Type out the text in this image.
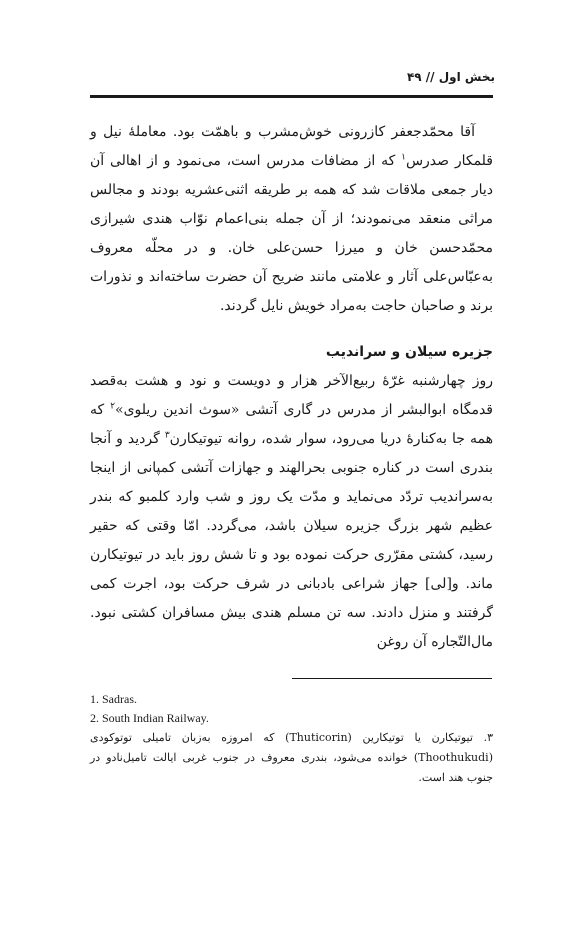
بخش اول // ۴۹

آقا محمّدجعفر کازرونی خوش‌مشرب و باهمّت بود. معاملهٔ نیل و قلمکار صدرس$^۱$ که از مضافات مدرس است، می‌نمود و از اهالی آن دیار جمعی ملاقات شد که همه بر طریقه اثنی‌عشریه بودند و مجالس مراثی منعقد می‌نمودند؛ از آن جمله بنی‌اعمام نوّاب هندی شیرازی محمّدحسن خان و میرزا حسن‌علی خان. و در محلّه معروف به‌عبّاس‌علی آثار و علامتی مانند ضریح آن حضرت ساخته‌اند و نذورات برند و صاحبان حاجت به‌مراد خویش نایل گردند.

جزیره سیلان و سرانديب

روز چهارشنبه غرّهٔ ربیع‌الآخر هزار و دویست و نود و هشت به‌قصد قدمگاه ابوالبشر از مدرس در گاری آتشی «سوث اندین ریلوی»$^۲$ که همه جا به‌کنارهٔ دریا می‌رود، سوار شده، روانه تیوتیکارن$^۳$ گردید و آنجا بندری است در کناره جنوبی بحرالهند و جهازات آتشی کمپانی از اینجا به‌سرانديب تردّد می‌نماید و مدّت یک روز و شب وارد کلمبو که بندر عظیم شهر بزرگ جزیره سیلان باشد، می‌گردد. امّا وقتی که حقیر رسید، کشتی مقرّری حرکت نموده بود و تا شش روز باید در تیوتیکارن ماند. و[لی] جهاز شراعی بادبانی در شرف حرکت بود، اجرت کمی گرفتند و منزل دادند. سه تن مسلم هندی بیش مسافران کشتی نبود. مال‌التّجاره آن روغن

1. Sadras.
2. South Indian Railway.
۳. تیوتیکارن یا توتیکارین (Thuticorin) که امروزه به‌زبان تامیلی توتوکودی (Thoothukudi) خوانده می‌شود، بندری معروف در جنوب غربی ایالت تامیل‌نادو در جنوب هند است.
